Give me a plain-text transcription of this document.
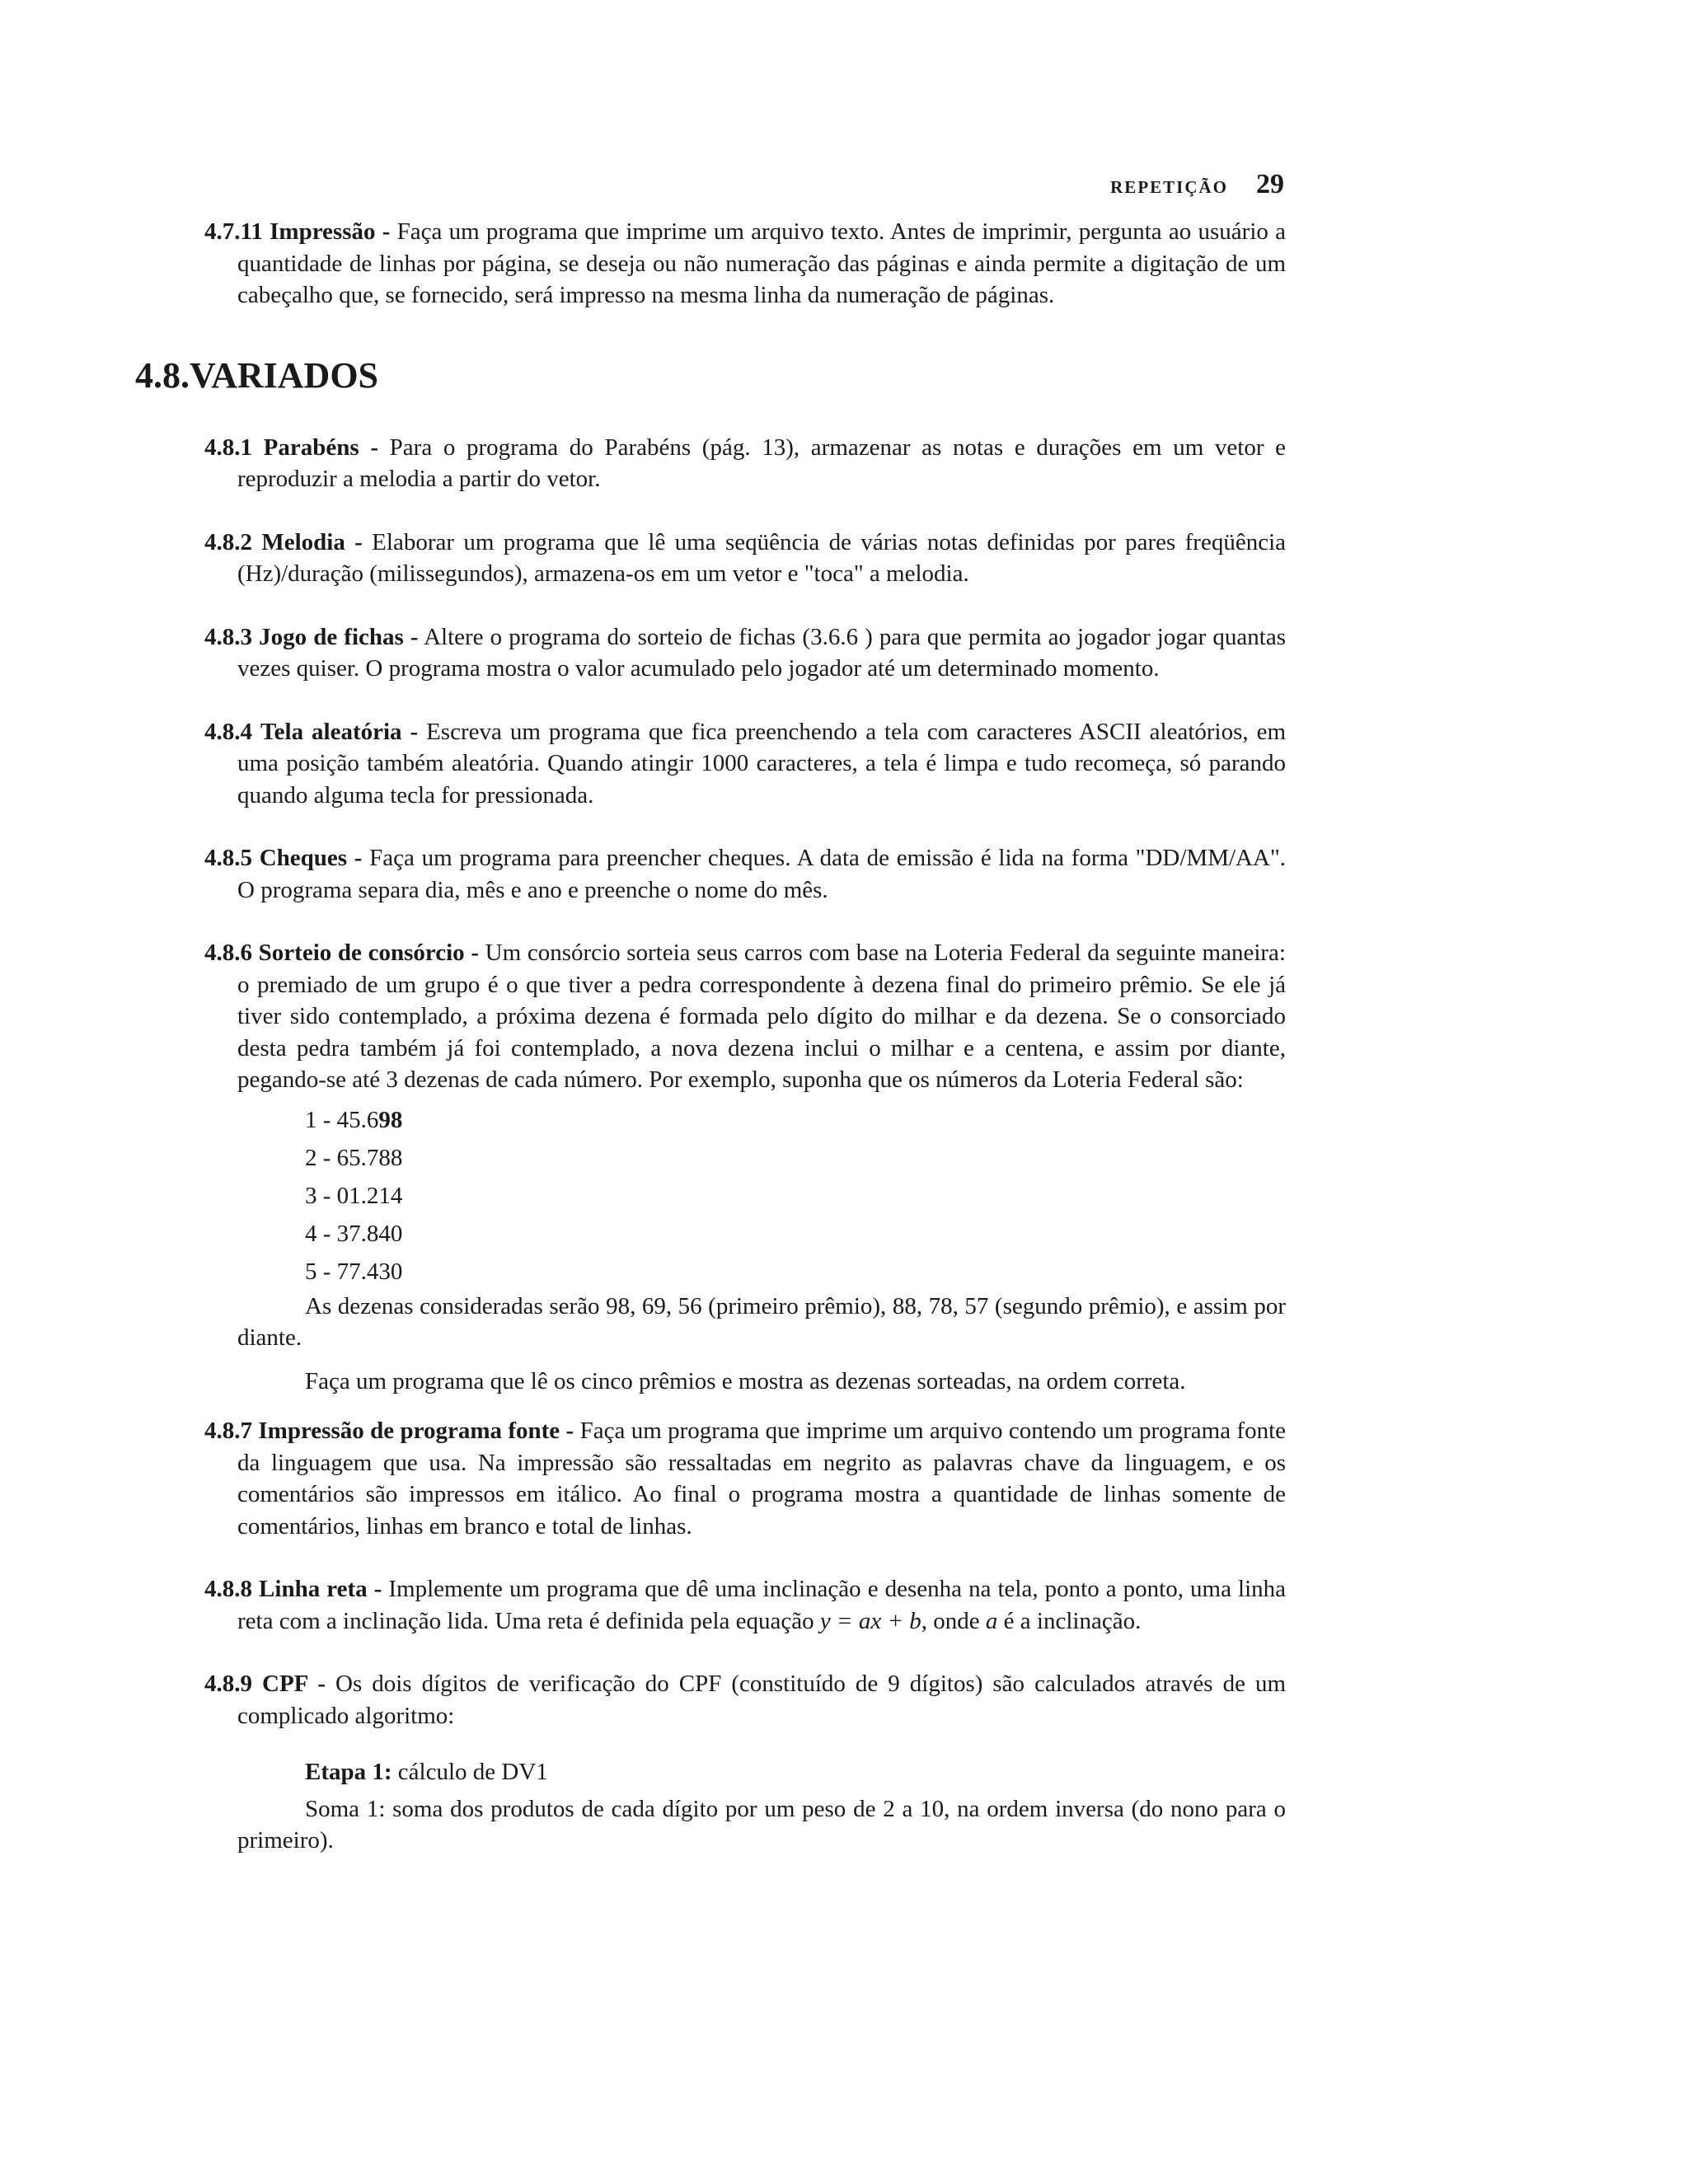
REPETIÇÃO 29

4.7.11 Impressão - Faça um programa que imprime um arquivo texto. Antes de imprimir, pergunta ao usuário a quantidade de linhas por página, se deseja ou não numeração das páginas e ainda permite a digitação de um cabeçalho que, se fornecido, será impresso na mesma linha da numeração de páginas.

4.8.VARIADOS

4.8.1 Parabéns - Para o programa do Parabéns (pág. 13), armazenar as notas e durações em um vetor e reproduzir a melodia a partir do vetor.

4.8.2 Melodia - Elaborar um programa que lê uma seqüência de várias notas definidas por pares freqüência (Hz)/duração (milissegundos), armazena-os em um vetor e "toca" a melodia.

4.8.3 Jogo de fichas - Altere o programa do sorteio de fichas (3.6.6 ) para que permita ao jogador jogar quantas vezes quiser. O programa mostra o valor acumulado pelo jogador até um determinado momento.

4.8.4 Tela aleatória - Escreva um programa que fica preenchendo a tela com caracteres ASCII aleatórios, em uma posição também aleatória. Quando atingir 1000 caracteres, a tela é limpa e tudo recomeça, só parando quando alguma tecla for pressionada.

4.8.5 Cheques - Faça um programa para preencher cheques. A data de emissão é lida na forma "DD/MM/AA". O programa separa dia, mês e ano e preenche o nome do mês.

4.8.6 Sorteio de consórcio - Um consórcio sorteia seus carros com base na Loteria Federal da seguinte maneira: o premiado de um grupo é o que tiver a pedra correspondente à dezena final do primeiro prêmio. Se ele já tiver sido contemplado, a próxima dezena é formada pelo dígito do milhar e da dezena. Se o consorciado desta pedra também já foi contemplado, a nova dezena inclui o milhar e a centena, e assim por diante, pegando-se até 3 dezenas de cada número. Por exemplo, suponha que os números da Loteria Federal são:

1 - 45.698
2 - 65.788
3 - 01.214
4 - 37.840
5 - 77.430

As dezenas consideradas serão 98, 69, 56 (primeiro prêmio), 88, 78, 57 (segundo prêmio), e assim por diante.

Faça um programa que lê os cinco prêmios e mostra as dezenas sorteadas, na ordem correta.

4.8.7 Impressão de programa fonte - Faça um programa que imprime um arquivo contendo um programa fonte da linguagem que usa. Na impressão são ressaltadas em negrito as palavras chave da linguagem, e os comentários são impressos em itálico. Ao final o programa mostra a quantidade de linhas somente de comentários, linhas em branco e total de linhas.

4.8.8 Linha reta - Implemente um programa que dê uma inclinação e desenha na tela, ponto a ponto, uma linha reta com a inclinação lida. Uma reta é definida pela equação y = ax + b, onde a é a inclinação.

4.8.9 CPF - Os dois dígitos de verificação do CPF (constituído de 9 dígitos) são calculados através de um complicado algoritmo:

Etapa 1: cálculo de DV1

Soma 1: soma dos produtos de cada dígito por um peso de 2 a 10, na ordem inversa (do nono para o primeiro).
